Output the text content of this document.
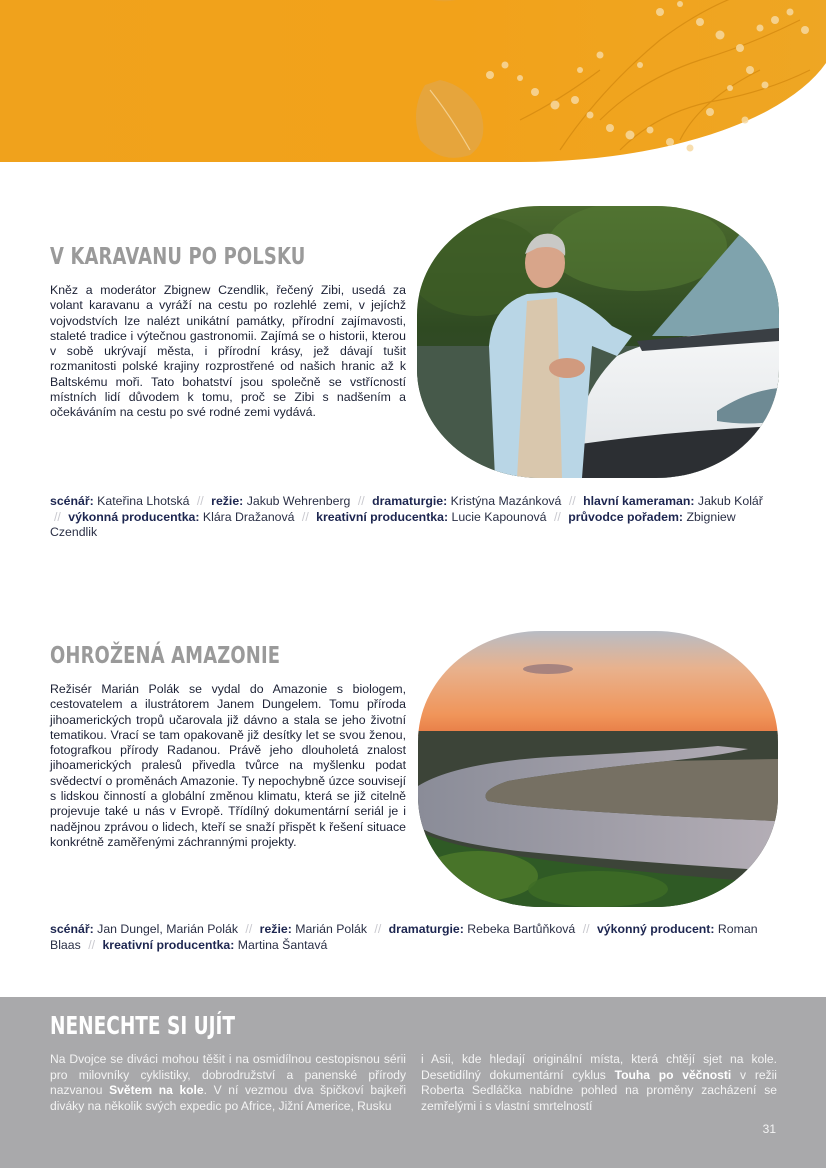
V KARAVANU PO POLSKU

Kněz a moderátor Zbignew Czendlik, řečený Zibi, usedá za volant karavanu a vyráží na cestu po rozlehlé zemi, v jejíchž vojvodstvích lze nalézt unikátní památky, přírodní zajímavosti, staleté tradice i výtečnou gastronomii. Zajímá se o historii, kterou v sobě ukrývají města, i přírodní krásy, jež dávají tušit rozmanitosti polské krajiny rozprostřené od našich hranic až k Baltskému moři. Tato bohatství jsou společně se vstřícností místních lidí důvodem k tomu, proč se Zibi s nadšením a očekáváním na cestu po své rodné zemi vydává.

scénář: Kateřina Lhotská // režie: Jakub Wehrenberg // dramaturgie: Kristýna Mazánková // hlavní kameraman: Jakub Kolář // výkonná producentka: Klára Dražanová // kreativní producentka: Lucie Kapounová // průvodce pořadem: Zbigniew Czendlik
OHROŽENÁ AMAZONIE

Režisér Marián Polák se vydal do Amazonie s biologem, cestovatelem a ilustrátorem Janem Dungelem. Tomu příroda jihoamerických tropů učarovala již dávno a stala se jeho životní tematikou. Vrací se tam opakovaně již desítky let se svou ženou, fotografkou přírody Radanou. Právě jeho dlouholetá znalost jihoamerických pralesů přivedla tvůrce na myšlenku podat svědectví o proměnách Amazonie. Ty nepochybně úzce souvisejí s lidskou činností a globální změnou klimatu, která se již citelně projevuje také u nás v Evropě. Třídílný dokumentární seriál je i nadějnou zprávou o lidech, kteří se snaží přispět k řešení situace konkrétně zaměřenými záchrannými projekty.

scénář: Jan Dungel, Marián Polák // režie: Marián Polák // dramaturgie: Rebeka Bartůňková // výkonný producent: Roman Blaas // kreativní producentka: Martina Šantavá
NENECHTE SI UJÍT

Na Dvojce se diváci mohou těšit i na osmidílnou cestopisnou sérii pro milovníky cyklistiky, dobrodružství a panenské přírody nazvanou Světem na kole. V ní vezmou dva špičkoví bajkeři diváky na několik svých expedic po Africe, Jižní Americe, Rusku

i Asii, kde hledají originální místa, která chtějí sjet na kole. Desetidílný dokumentární cyklus Touha po věčnosti v režii Roberta Sedláčka nabídne pohled na proměny zacházení se zemřelými i s vlastní smrtelností

31
